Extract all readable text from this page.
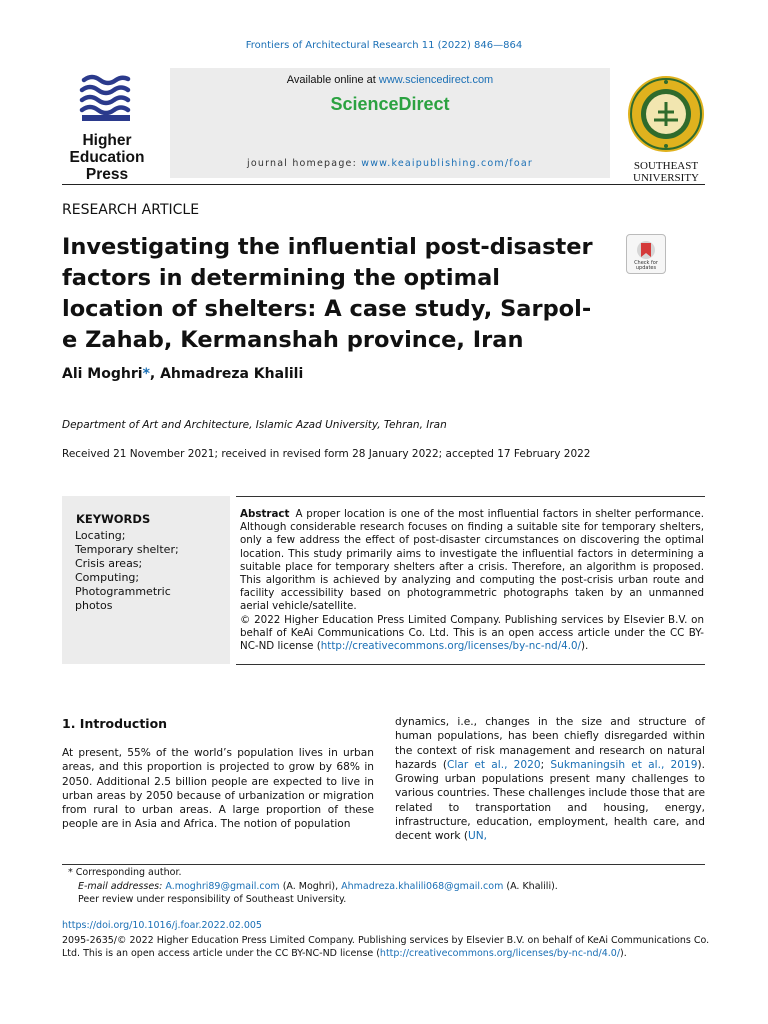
Frontiers of Architectural Research 11 (2022) 846—864
Higher
Education
Press
Available online at www.sciencedirect.com
ScienceDirect
journal homepage: www.keaipublishing.com/foar	SOUTHEAST
UNIVERSITY
RESEARCH ARTICLE
Investigating the influential post-disaster factors in determining the optimal location of shelters: A case study, Sarpol-e Zahab, Kermanshah province, Iran
Check for updates
Ali Moghri*, Ahmadreza Khalili
Department of Art and Architecture, Islamic Azad University, Tehran, Iran
Received 21 November 2021; received in revised form 28 January 2022; accepted 17 February 2022
KEYWORDS
Locating;
Temporary shelter;
Crisis areas;
Computing;
Photogrammetric
photos

Abstract A proper location is one of the most influential factors in shelter performance. Although considerable research focuses on finding a suitable site for temporary shelters, only a few address the effect of post-disaster circumstances on discovering the optimal location. This study primarily aims to investigate the influential factors in determining a suitable place for temporary shelters after a crisis. Therefore, an algorithm is proposed. This algorithm is achieved by analyzing and computing the post-crisis urban route and facility accessibility based on photogrammetric photographs taken by an unmanned aerial vehicle/satellite.
© 2022 Higher Education Press Limited Company. Publishing services by Elsevier B.V. on behalf of KeAi Communications Co. Ltd. This is an open access article under the CC BY-NC-ND license (http://creativecommons.org/licenses/by-nc-nd/4.0/).

1. Introduction

At present, 55% of the world’s population lives in urban areas, and this proportion is projected to grow by 68% in 2050. Additional 2.5 billion people are expected to live in urban areas by 2050 because of urbanization or migration from rural to urban areas. A large proportion of these people are in Asia and Africa. The notion of population

dynamics, i.e., changes in the size and structure of human populations, has been chiefly disregarded within the context of risk management and research on natural hazards (Clar et al., 2020; Sukmaningsih et al., 2019). Growing urban populations present many challenges to various countries. These challenges include those that are related to transportation and housing, energy, infrastructure, education, employment, health care, and decent work (UN,

* Corresponding author.
E-mail addresses: A.moghri89@gmail.com (A. Moghri), Ahmadreza.khalili068@gmail.com (A. Khalili).
Peer review under responsibility of Southeast University.
https://doi.org/10.1016/j.foar.2022.02.005
2095-2635/© 2022 Higher Education Press Limited Company. Publishing services by Elsevier B.V. on behalf of KeAi Communications Co. Ltd. This is an open access article under the CC BY-NC-ND license (http://creativecommons.org/licenses/by-nc-nd/4.0/).
